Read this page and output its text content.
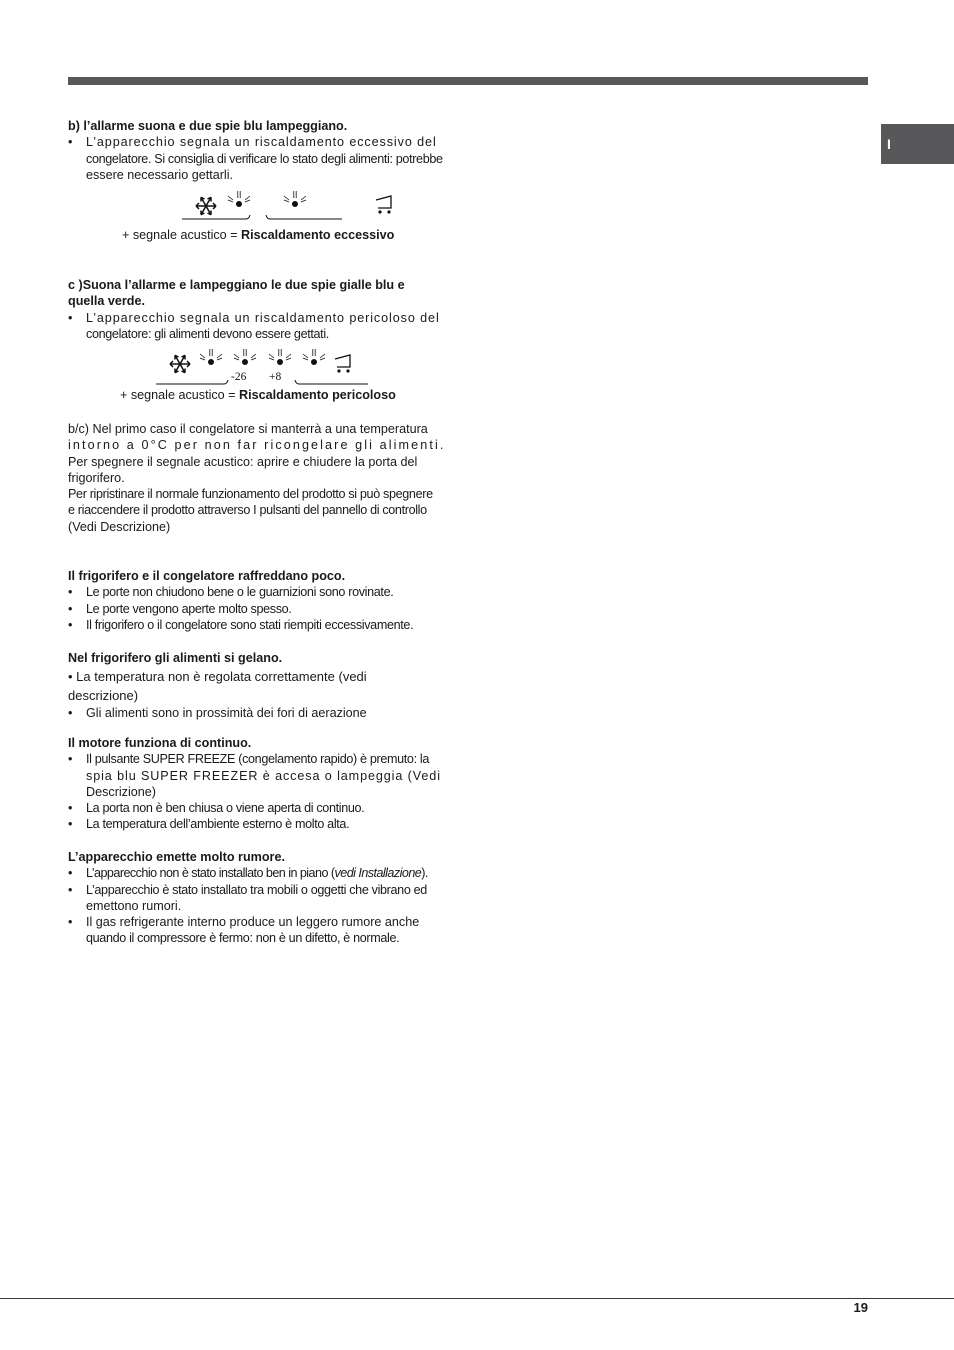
I

b) l’allarme suona e due spie blu lampeggiano.

• L’apparecchio segnala un riscaldamento eccessivo del
congelatore. Si consiglia di verificare lo stato degli alimenti: potrebbe
essere necessario gettarli.
+ segnale acustico = Riscaldamento eccessivo

c )Suona l’allarme e lampeggiano le due spie gialle blu e

quella verde.

• L’apparecchio segnala un riscaldamento pericoloso del
congelatore: gli alimenti devono essere gettati.
-26 +8
+ segnale acustico = Riscaldamento pericoloso
b/c) Nel primo caso il congelatore si manterrà a una temperatura
intorno a 0°C per non far ricongelare gli alimenti.
Per spegnere il segnale acustico: aprire e chiudere la porta del
frigorifero.
Per ripristinare il normale funzionamento del prodotto si può spegnere
e riaccendere il prodotto attraverso I pulsanti del pannello di controllo
(Vedi Descrizione)

Il frigorifero e il congelatore raffreddano poco.

• Le porte non chiudono bene o le guarnizioni sono rovinate.
• Le porte vengono aperte molto spesso.
• Il frigorifero o il congelatore sono stati riempiti eccessivamente.

Nel frigorifero gli alimenti si gelano.

• La temperatura non è regolata correttamente (vedi
descrizione)
• Gli alimenti sono in prossimità dei fori di aerazione

Il motore funziona di continuo.

• Il pulsante SUPER FREEZE (congelamento rapido) è premuto: la
spia blu SUPER FREEZER è accesa o lampeggia (Vedi
Descrizione)
• La porta non è ben chiusa o viene aperta di continuo.
• La temperatura dell’ambiente esterno è molto alta.

L’apparecchio emette molto rumore.

• L’apparecchio non è stato installato ben in piano (vedi Installazione).
• L’apparecchio è stato installato tra mobili o oggetti che vibrano ed
emettono rumori.
• Il gas refrigerante interno produce un leggero rumore anche
quando il compressore è fermo: non è un difetto, è normale.
19
